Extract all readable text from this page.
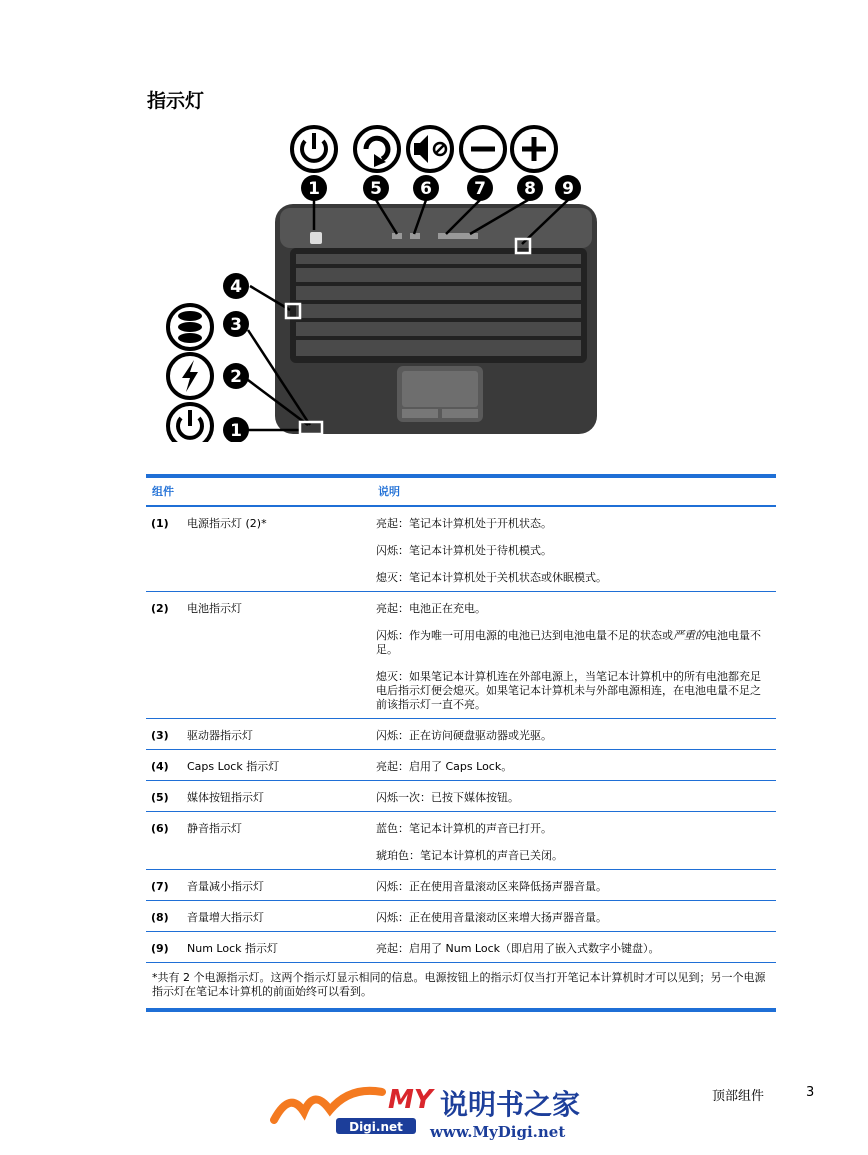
指示灯
1	5 6 7 8 9
4
3
2
1
组件	说明
(1)	电源指示灯 (2)*	亮起：笔记本计算机处于开机状态。
闪烁：笔记本计算机处于待机模式。
熄灭：笔记本计算机处于关机状态或休眠模式。
(2)	电池指示灯	亮起：电池正在充电。
闪烁：作为唯一可用电源的电池已达到电池电量不足的状态或严重的电池电量不足。
熄灭：如果笔记本计算机连在外部电源上，当笔记本计算机中的所有电池都充足电后指示灯便会熄灭。如果笔记本计算机未与外部电源相连，在电池电量不足之前该指示灯一直不亮。
(3)	驱动器指示灯	闪烁：正在访问硬盘驱动器或光驱。
(4)	Caps Lock 指示灯	亮起：启用了 Caps Lock。
(5)	媒体按钮指示灯	闪烁一次：已按下媒体按钮。
(6)	静音指示灯	蓝色：笔记本计算机的声音已打开。
琥珀色：笔记本计算机的声音已关闭。
(7)	音量减小指示灯	闪烁：正在使用音量滚动区来降低扬声器音量。
(8)	音量增大指示灯	闪烁：正在使用音量滚动区来增大扬声器音量。
(9)	Num Lock 指示灯	亮起：启用了 Num Lock（即启用了嵌入式数字小键盘）。
*共有 2 个电源指示灯。这两个指示灯显示相同的信息。电源按钮上的指示灯仅当打开笔记本计算机时才可以见到；另一个电源指示灯在笔记本计算机的前面始终可以看到。
MY
Digi.net
说明书之家
www.MyDigi.net
顶部组件	3
